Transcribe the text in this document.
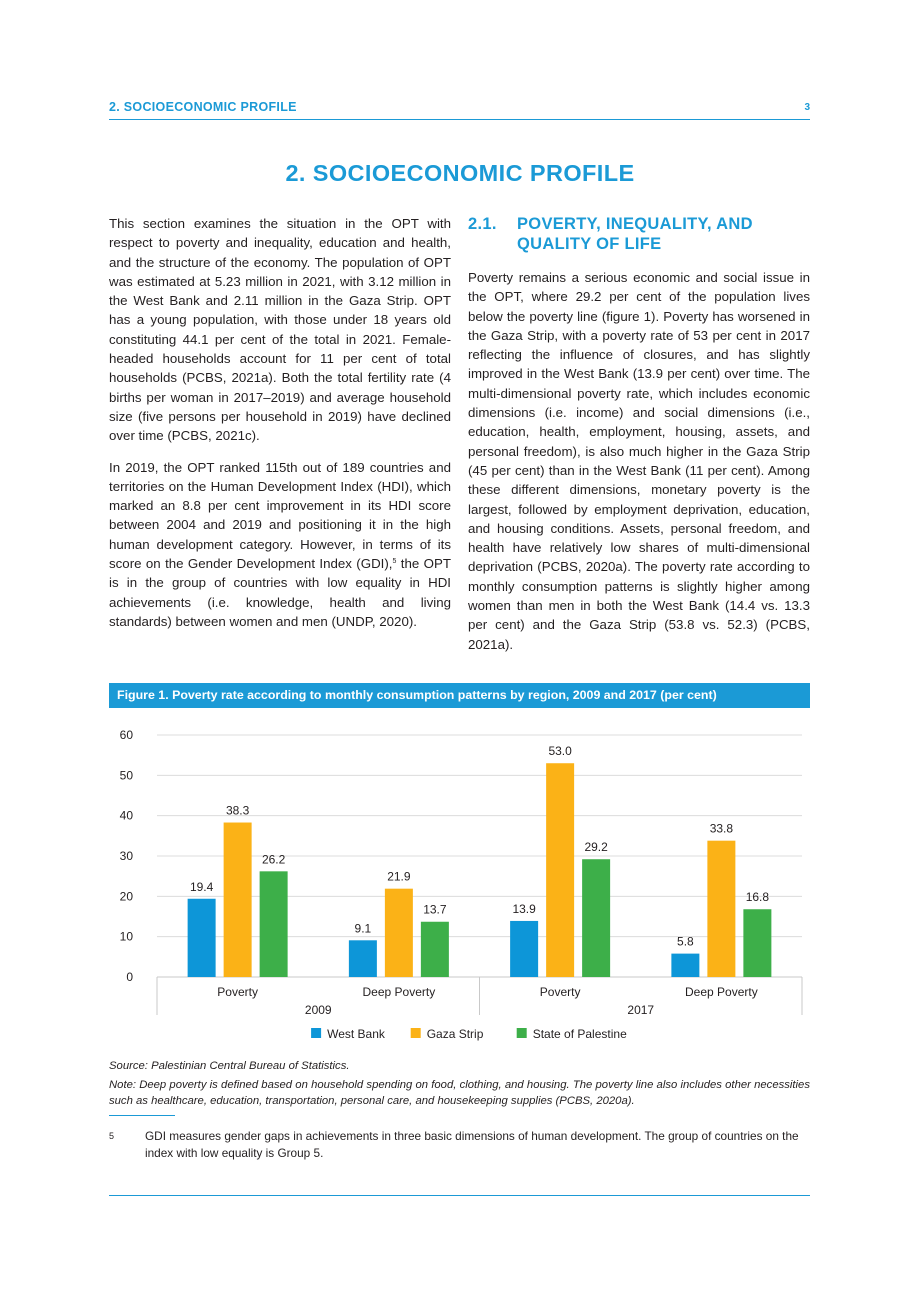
2. SOCIOECONOMIC PROFILE	3
2. SOCIOECONOMIC PROFILE

This section examines the situation in the OPT with respect to poverty and inequality, education and health, and the structure of the economy. The population of OPT was estimated at 5.23 million in 2021, with 3.12 million in the West Bank and 2.11 million in the Gaza Strip. OPT has a young population, with those under 18 years old constituting 44.1 per cent of the total in 2021. Female-headed households account for 11 per cent of total households (PCBS, 2021a). Both the total fertility rate (4 births per woman in 2017–2019) and average household size (five persons per household in 2019) have declined over time (PCBS, 2021c).

In 2019, the OPT ranked 115th out of 189 countries and territories on the Human Development Index (HDI), which marked an 8.8 per cent improvement in its HDI score between 2004 and 2019 and positioning it in the high human development category. However, in terms of its score on the Gender Development Index (GDI),$^5$ the OPT is in the group of countries with low equality in HDI achievements (i.e. knowledge, health and living standards) between women and men (UNDP, 2020).

2.1.	POVERTY, INEQUALITY, AND QUALITY OF LIFE

Poverty remains a serious economic and social issue in the OPT, where 29.2 per cent of the population lives below the poverty line (figure 1). Poverty has worsened in the Gaza Strip, with a poverty rate of 53 per cent in 2017 reflecting the influence of closures, and has slightly improved in the West Bank (13.9 per cent) over time. The multi-dimensional poverty rate, which includes economic dimensions (i.e. income) and social dimensions (i.e., education, health, employment, housing, assets, and personal freedom), is also much higher in the Gaza Strip (45 per cent) than in the West Bank (11 per cent). Among these different dimensions, monetary poverty is the largest, followed by employment deprivation, education, and housing conditions. Assets, personal freedom, and health have relatively low shares of multi-dimensional deprivation (PCBS, 2020a). The poverty rate according to monthly consumption patterns is slightly higher among women than men in both the West Bank (14.4 vs. 13.3 per cent) and the Gaza Strip (53.8 vs. 52.3) (PCBS, 2021a).

Figure 1. Poverty rate according to monthly consumption patterns by region, 2009 and 2017 (per cent)
0
10
20
30
40
50
60
Poverty	Deep Poverty	Poverty	Deep Poverty
2009	2017
19.4
38.3
26.2
9.1
21.9
13.7	13.9
53.0
29.2
5.8
33.8
16.8
West Bank	Gaza Strip	State of Palestine
Source: Palestinian Central Bureau of Statistics.
Note: Deep poverty is defined based on household spending on food, clothing, and housing. The poverty line also includes other necessities such as healthcare, education, transportation, personal care, and housekeeping supplies (PCBS, 2020a).
5	GDI measures gender gaps in achievements in three basic dimensions of human development. The group of countries on the index with low equality is Group 5.
